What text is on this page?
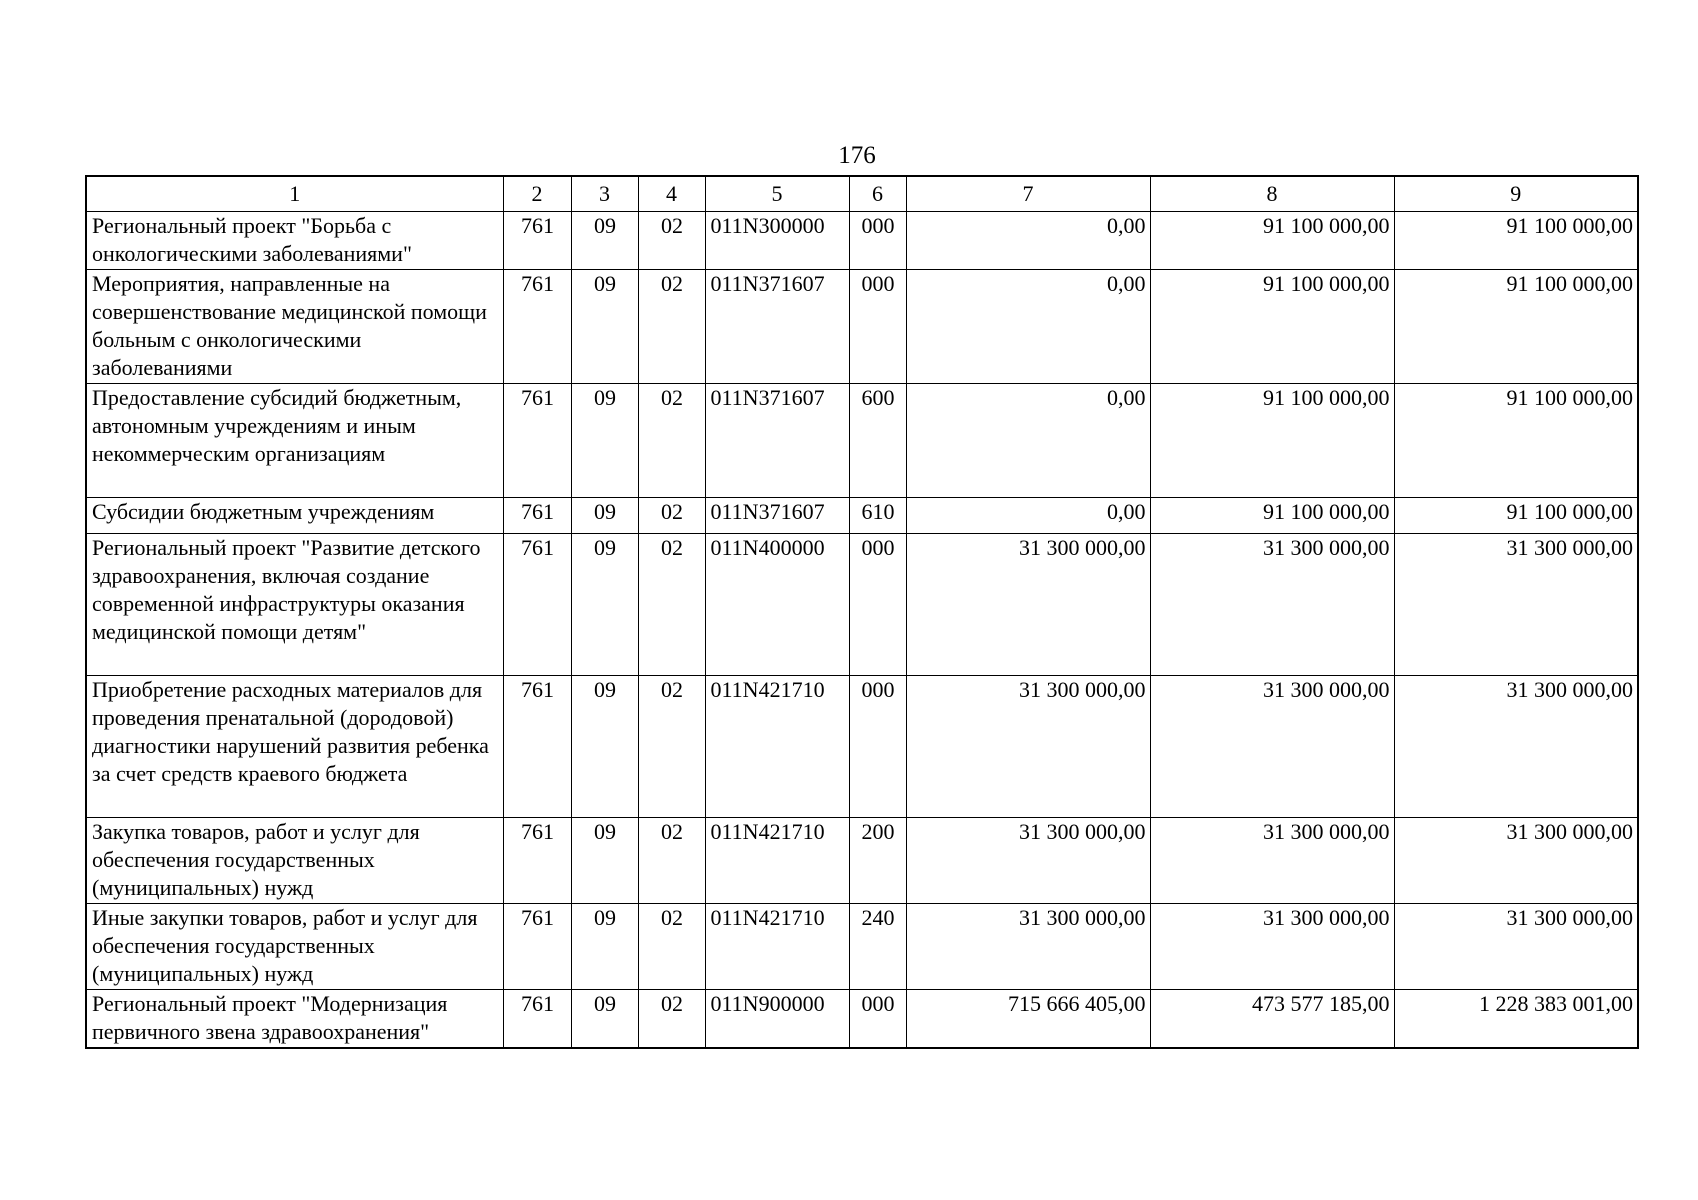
176
1	2	3	4	5	6	7	8	9
Региональный проект "Борьба с онкологическими заболеваниями"	761	09	02	011N300000	000	0,00	91 100 000,00	91 100 000,00
Мероприятия, направленные на совершенствование медицинской помощи больным с онкологическими заболеваниями	761	09	02	011N371607	000	0,00	91 100 000,00	91 100 000,00
Предоставление субсидий бюджетным, автономным учреждениям и иным некоммерческим организациям	761	09	02	011N371607	600	0,00	91 100 000,00	91 100 000,00
Субсидии бюджетным учреждениям	761	09	02	011N371607	610	0,00	91 100 000,00	91 100 000,00
Региональный проект "Развитие детского здравоохранения, включая создание современной инфраструктуры оказания медицинской помощи детям"	761	09	02	011N400000	000	31 300 000,00	31 300 000,00	31 300 000,00
Приобретение расходных материалов для проведения пренатальной (дородовой) диагностики нарушений развития ребенка за счет средств краевого бюджета	761	09	02	011N421710	000	31 300 000,00	31 300 000,00	31 300 000,00
Закупка товаров, работ и услуг для обеспечения государственных (муниципальных) нужд	761	09	02	011N421710	200	31 300 000,00	31 300 000,00	31 300 000,00
Иные закупки товаров, работ и услуг для обеспечения государственных (муниципальных) нужд	761	09	02	011N421710	240	31 300 000,00	31 300 000,00	31 300 000,00
Региональный проект "Модернизация первичного звена здравоохранения"	761	09	02	011N900000	000	715 666 405,00	473 577 185,00	1 228 383 001,00
